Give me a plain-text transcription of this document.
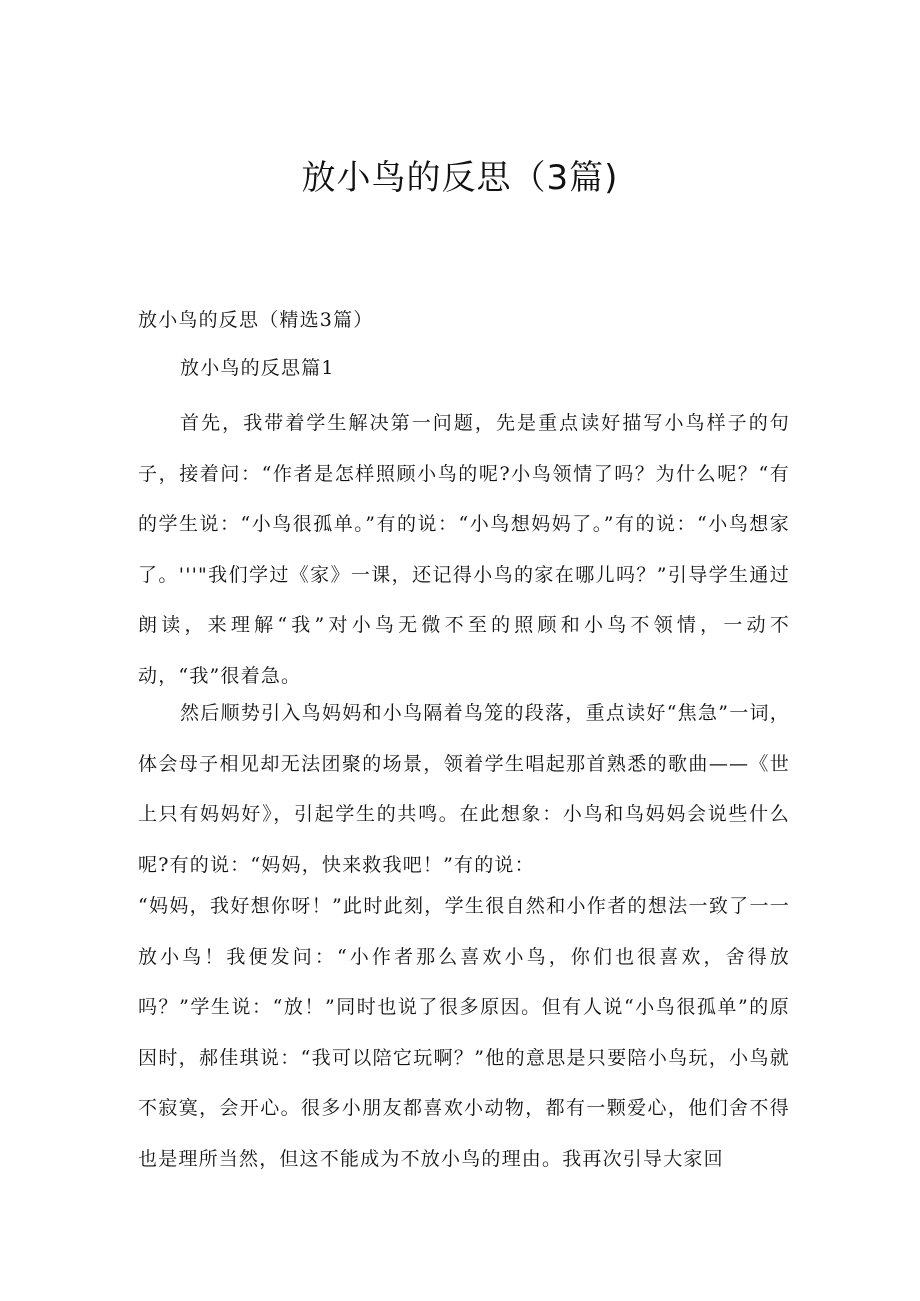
放小鸟的反思（3篇)

放小鸟的反思（精选3篇）

放小鸟的反思篇1

首先，我带着学生解决第一问题，先是重点读好描写小鸟样子的句子，接着问：“作者是怎样照顾小鸟的呢?小鸟领情了吗？为什么呢？“有的学生说：“小鸟很孤单。”有的说：“小鸟想妈妈了。”有的说：“小鸟想家了。'''"我们学过《家》一课，还记得小鸟的家在哪儿吗？”引导学生通过朗读，来理解“我”对小鸟无微不至的照顾和小鸟不领情，一动不动，“我”很着急。

然后顺势引入鸟妈妈和小鸟隔着鸟笼的段落，重点读好“焦急”一词，体会母子相见却无法团聚的场景，领着学生唱起那首熟悉的歌曲——《世上只有妈妈好》，引起学生的共鸣。在此想象：小鸟和鸟妈妈会说些什么呢?有的说：“妈妈，快来救我吧！”有的说：

“妈妈，我好想你呀！”此时此刻，学生很自然和小作者的想法一致了一一放小鸟！我便发问：“小作者那么喜欢小鸟，你们也很喜欢，舍得放吗？”学生说：“放！”同时也说了很多原因。但有人说“小鸟很孤单”的原因时，郝佳琪说：“我可以陪它玩啊？”他的意思是只要陪小鸟玩，小鸟就不寂寞，会开心。很多小朋友都喜欢小动物，都有一颗爱心，他们舍不得也是理所当然，但这不能成为不放小鸟的理由。我再次引导大家回
